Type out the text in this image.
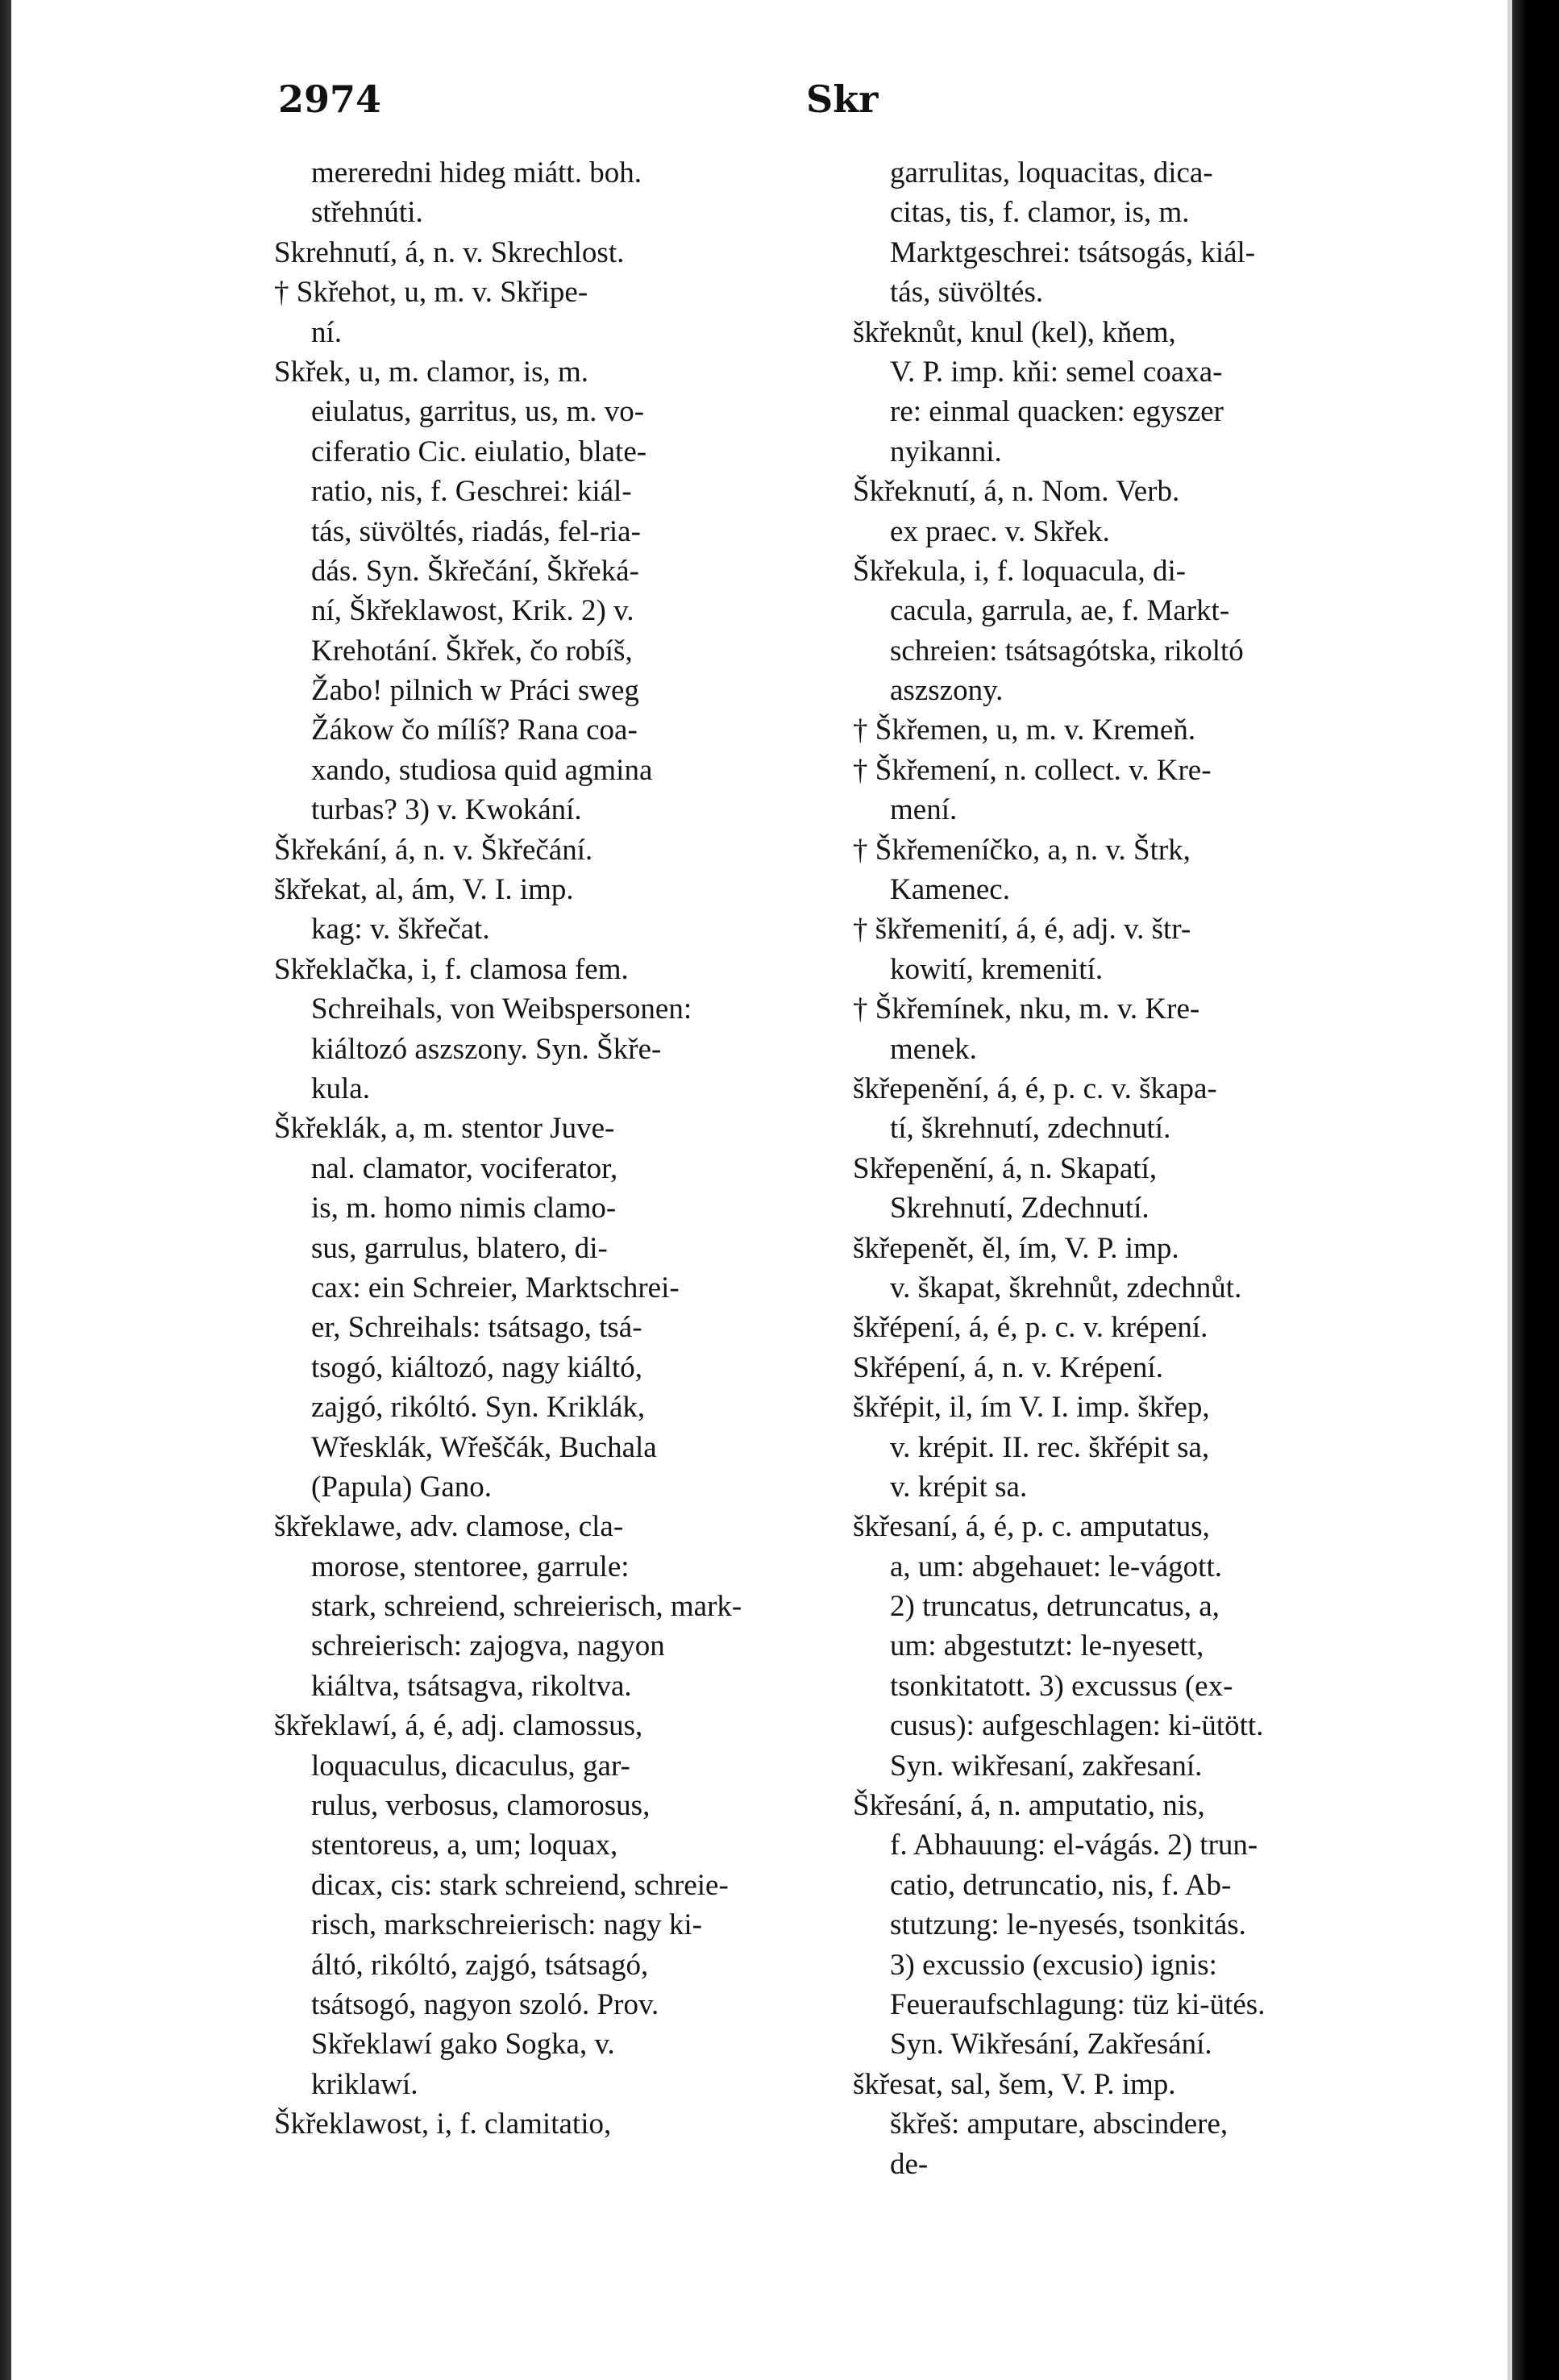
2974	Skr
mereredni hideg miátt. boh.
střehnúti.
Skrehnutí, á, n. v. Skrechlost.
† Skřehot, u, m. v. Skřipe-
ní.
Skřek, u, m. clamor, is, m.
eiulatus, garritus, us, m. vo-
ciferatio Cic. eiulatio, blate-
ratio, nis, f. Geschrei: kiál-
tás, süvöltés, riadás, fel-ria-
dás. Syn. Škřečání, Škřeká-
ní, Škřeklawost, Krik. 2) v.
Krehotání. Škřek, čo robíš,
Žabo! pilnich w Práci sweg
Žákow čo mílíš? Rana coa-
xando, studiosa quid agmina
turbas? 3) v. Kwokání.
Škřekání, á, n. v. Škřečání.
škřekat, al, ám, V. I. imp.
kag: v. škřečat.
Skřeklačka, i, f. clamosa fem.
Schreihals, von Weibspersonen:
kiáltozó aszszony. Syn. Škře-
kula.
Škřeklák, a, m. stentor Juve-
nal. clamator, vociferator,
is, m. homo nimis clamo-
sus, garrulus, blatero, di-
cax: ein Schreier, Marktschrei-
er, Schreihals: tsátsago, tsá-
tsogó, kiáltozó, nagy kiáltó,
zajgó, rikóltó. Syn. Kriklák,
Wřesklák, Wřeščák, Buchala
(Papula) Gano.
škřeklawe, adv. clamose, cla-
morose, stentoree, garrule:
stark, schreiend, schreierisch, mark-
schreierisch: zajogva, nagyon
kiáltva, tsátsagva, rikoltva.
škřeklawí, á, é, adj. clamossus,
loquaculus, dicaculus, gar-
rulus, verbosus, clamorosus,
stentoreus, a, um; loquax,
dicax, cis: stark schreiend, schreie-
risch, markschreierisch: nagy ki-
áltó, rikóltó, zajgó, tsátsagó,
tsátsogó, nagyon szoló. Prov.
Skřeklawí gako Sogka, v.
kriklawí.
Škřeklawost, i, f. clamitatio,
garrulitas, loquacitas, dica-
citas, tis, f. clamor, is, m.
Marktgeschrei: tsátsogás, kiál-
tás, süvöltés.
škřeknůt, knul (kel), kňem,
V. P. imp. kňi: semel coaxa-
re: einmal quacken: egyszer
nyikanni.
Škřeknutí, á, n. Nom. Verb.
ex praec. v. Skřek.
Škřekula, i, f. loquacula, di-
cacula, garrula, ae, f. Markt-
schreien: tsátsagótska, rikoltó
aszszony.
† Škřemen, u, m. v. Kremeň.
† Škřemení, n. collect. v. Kre-
mení.
† Škřemeníčko, a, n. v. Štrk,
Kamenec.
† škřemenití, á, é, adj. v. štr-
kowití, kremenití.
† Škřemínek, nku, m. v. Kre-
menek.
škřepenění, á, é, p. c. v. škapa-
tí, škrehnutí, zdechnutí.
Skřepenění, á, n. Skapatí,
Skrehnutí, Zdechnutí.
škřepenět, ěl, ím, V. P. imp.
v. škapat, škrehnůt, zdechnůt.
škřépení, á, é, p. c. v. krépení.
Skřépení, á, n. v. Krépení.
škřépit, il, ím V. I. imp. škřep,
v. krépit. II. rec. škřépit sa,
v. krépit sa.
škřesaní, á, é, p. c. amputatus,
a, um: abgehauet: le-vágott.
2) truncatus, detruncatus, a,
um: abgestutzt: le-nyesett,
tsonkitatott. 3) excussus (ex-
cusus): aufgeschlagen: ki-ütött.
Syn. wikřesaní, zakřesaní.
Škřesání, á, n. amputatio, nis,
f. Abhauung: el-vágás. 2) trun-
catio, detruncatio, nis, f. Ab-
stutzung: le-nyesés, tsonkitás.
3) excussio (excusio) ignis:
Feueraufschlagung: tüz ki-ütés.
Syn. Wikřesání, Zakřesání.
škřesat, sal, šem, V. P. imp.
škřeš: amputare, abscindere,
de-
